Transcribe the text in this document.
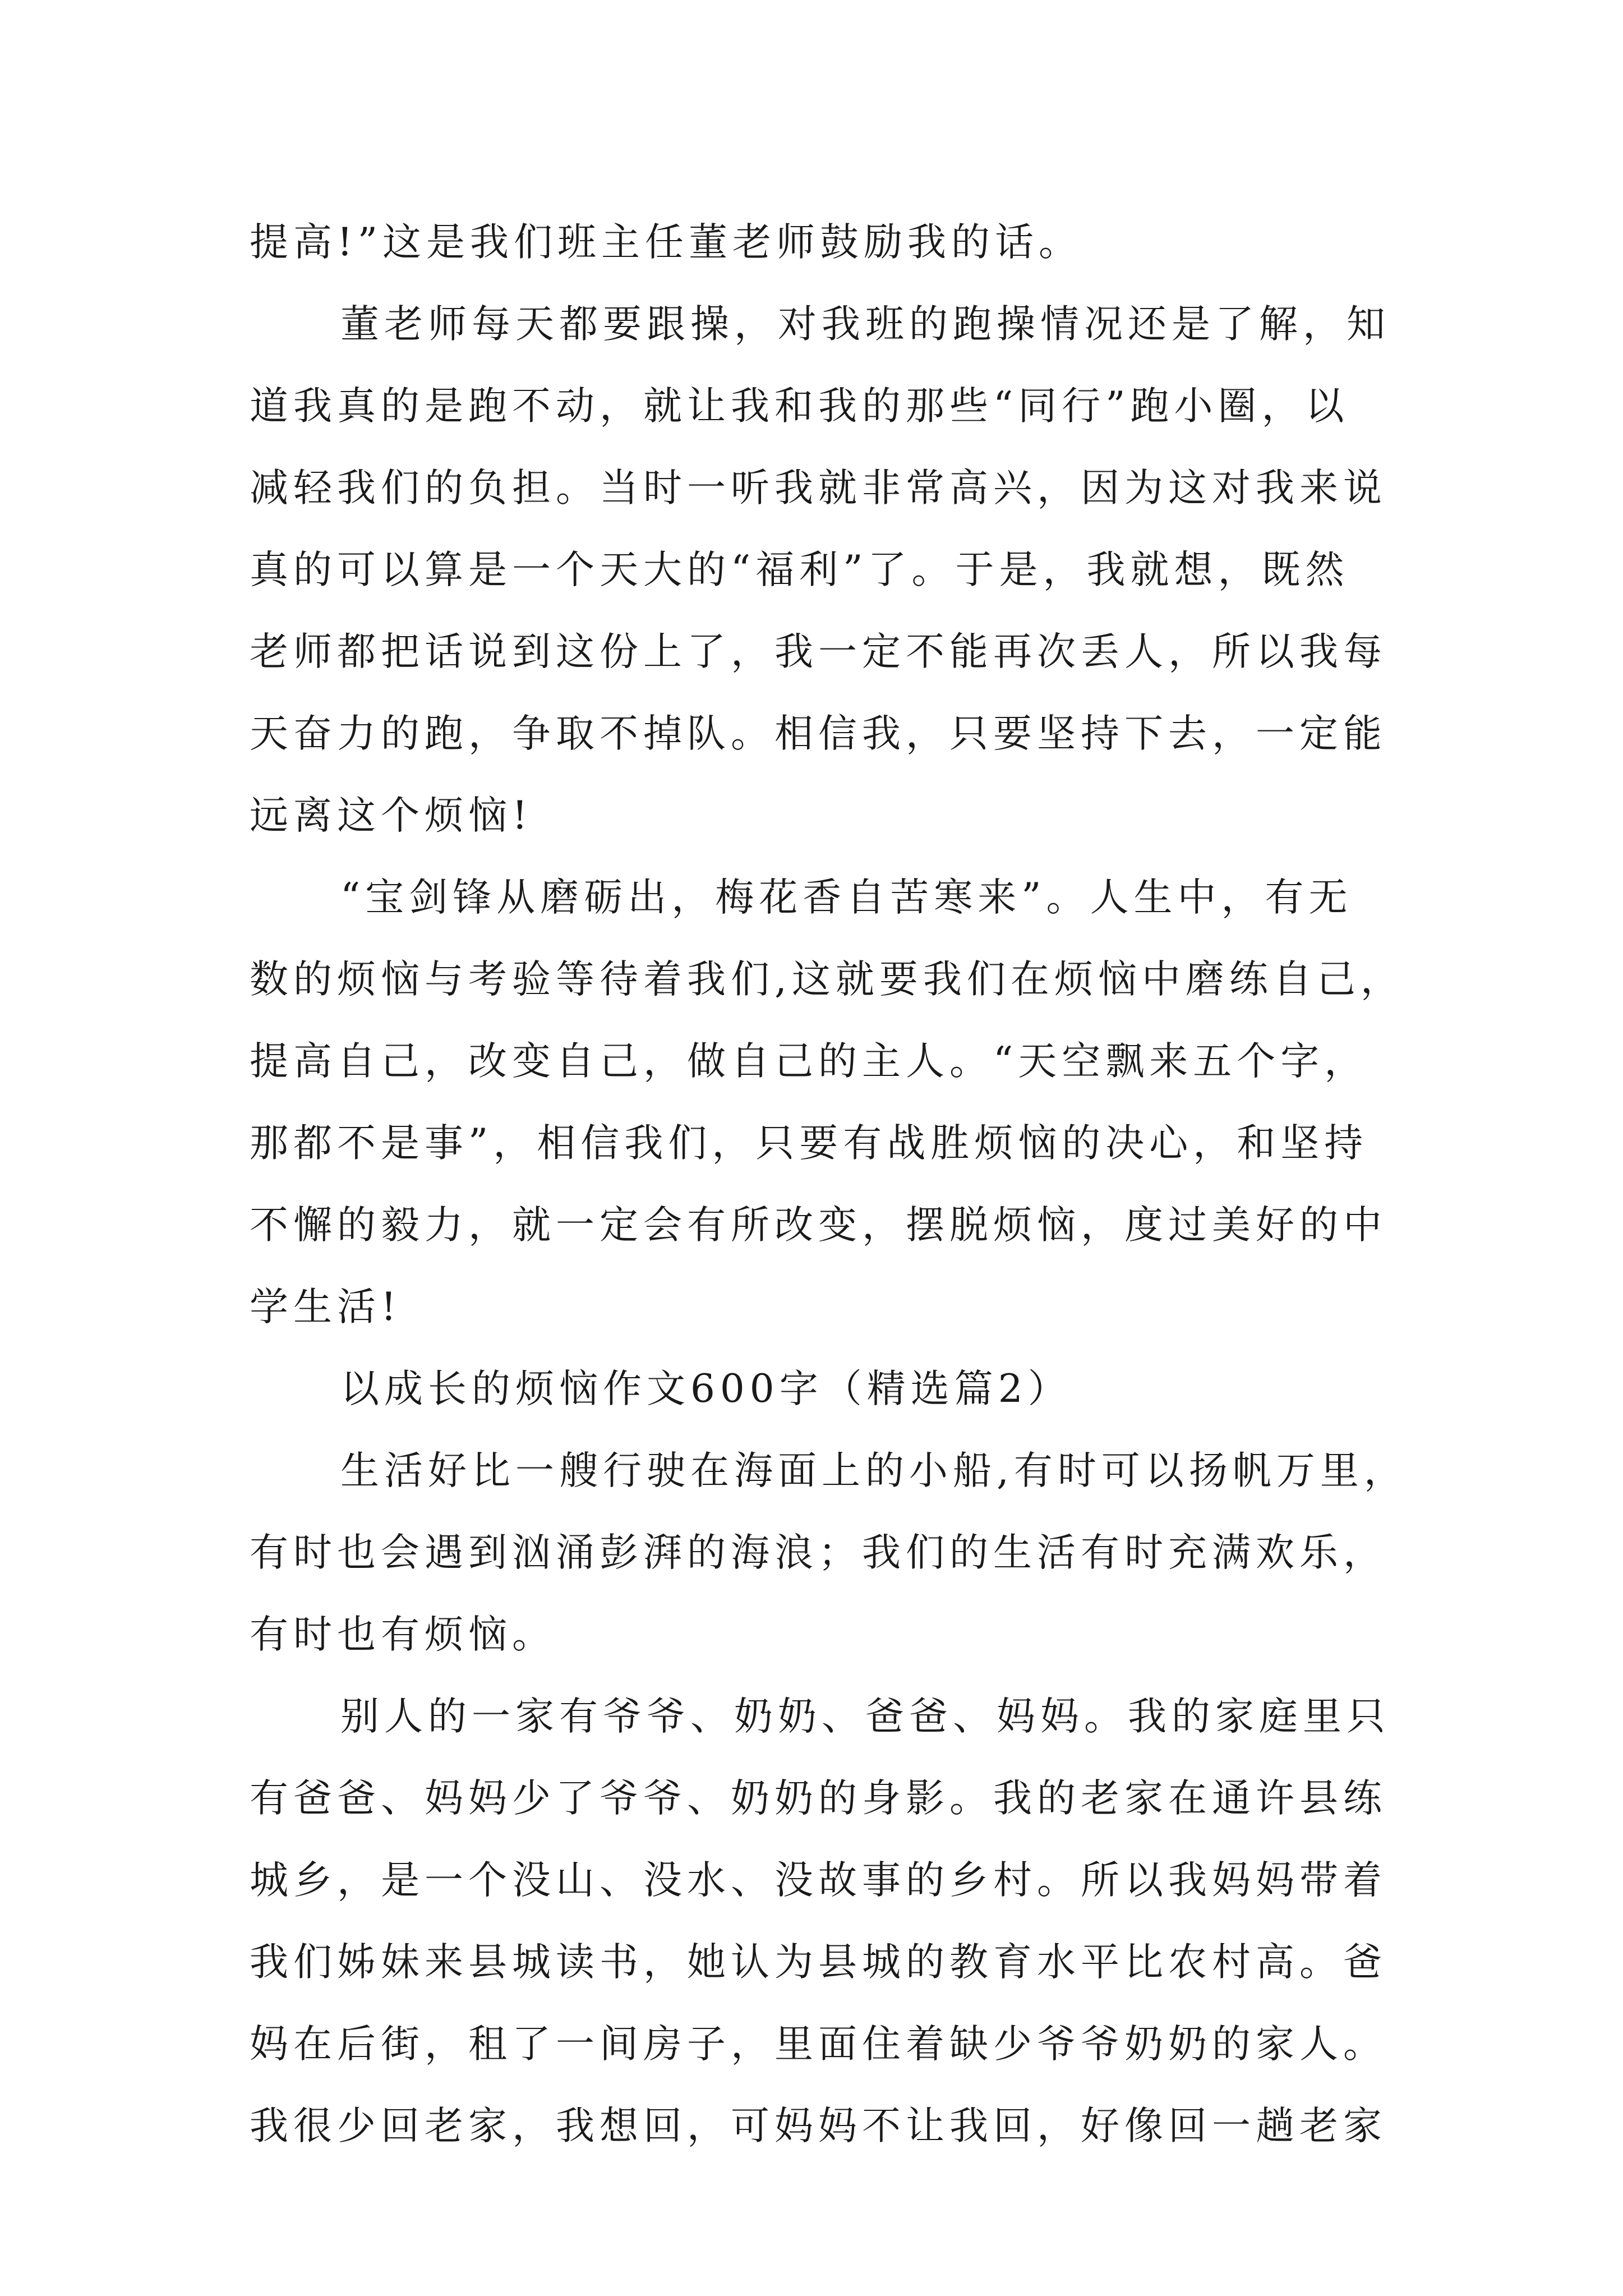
提高!”这是我们班主任董老师鼓励我的话。
董老师每天都要跟操，对我班的跑操情况还是了解，知
道我真的是跑不动，就让我和我的那些“同行”跑小圈，以
减轻我们的负担。当时一听我就非常高兴，因为这对我来说
真的可以算是一个天大的“福利”了。于是，我就想，既然
老师都把话说到这份上了，我一定不能再次丢人，所以我每
天奋力的跑，争取不掉队。相信我，只要坚持下去，一定能
远离这个烦恼!
“宝剑锋从磨砺出，梅花香自苦寒来”。人生中，有无
数的烦恼与考验等待着我们,这就要我们在烦恼中磨练自己，
提高自己，改变自己，做自己的主人。“天空飘来五个字，
那都不是事”，相信我们，只要有战胜烦恼的决心，和坚持
不懈的毅力，就一定会有所改变，摆脱烦恼，度过美好的中
学生活!
以成长的烦恼作文600字（精选篇2）
生活好比一艘行驶在海面上的小船,有时可以扬帆万里，
有时也会遇到汹涌彭湃的海浪；我们的生活有时充满欢乐，
有时也有烦恼。
别人的一家有爷爷、奶奶、爸爸、妈妈。我的家庭里只
有爸爸、妈妈少了爷爷、奶奶的身影。我的老家在通许县练
城乡，是一个没山、没水、没故事的乡村。所以我妈妈带着
我们姊妹来县城读书，她认为县城的教育水平比农村高。爸
妈在后街，租了一间房子，里面住着缺少爷爷奶奶的家人。
我很少回老家，我想回，可妈妈不让我回，好像回一趟老家
